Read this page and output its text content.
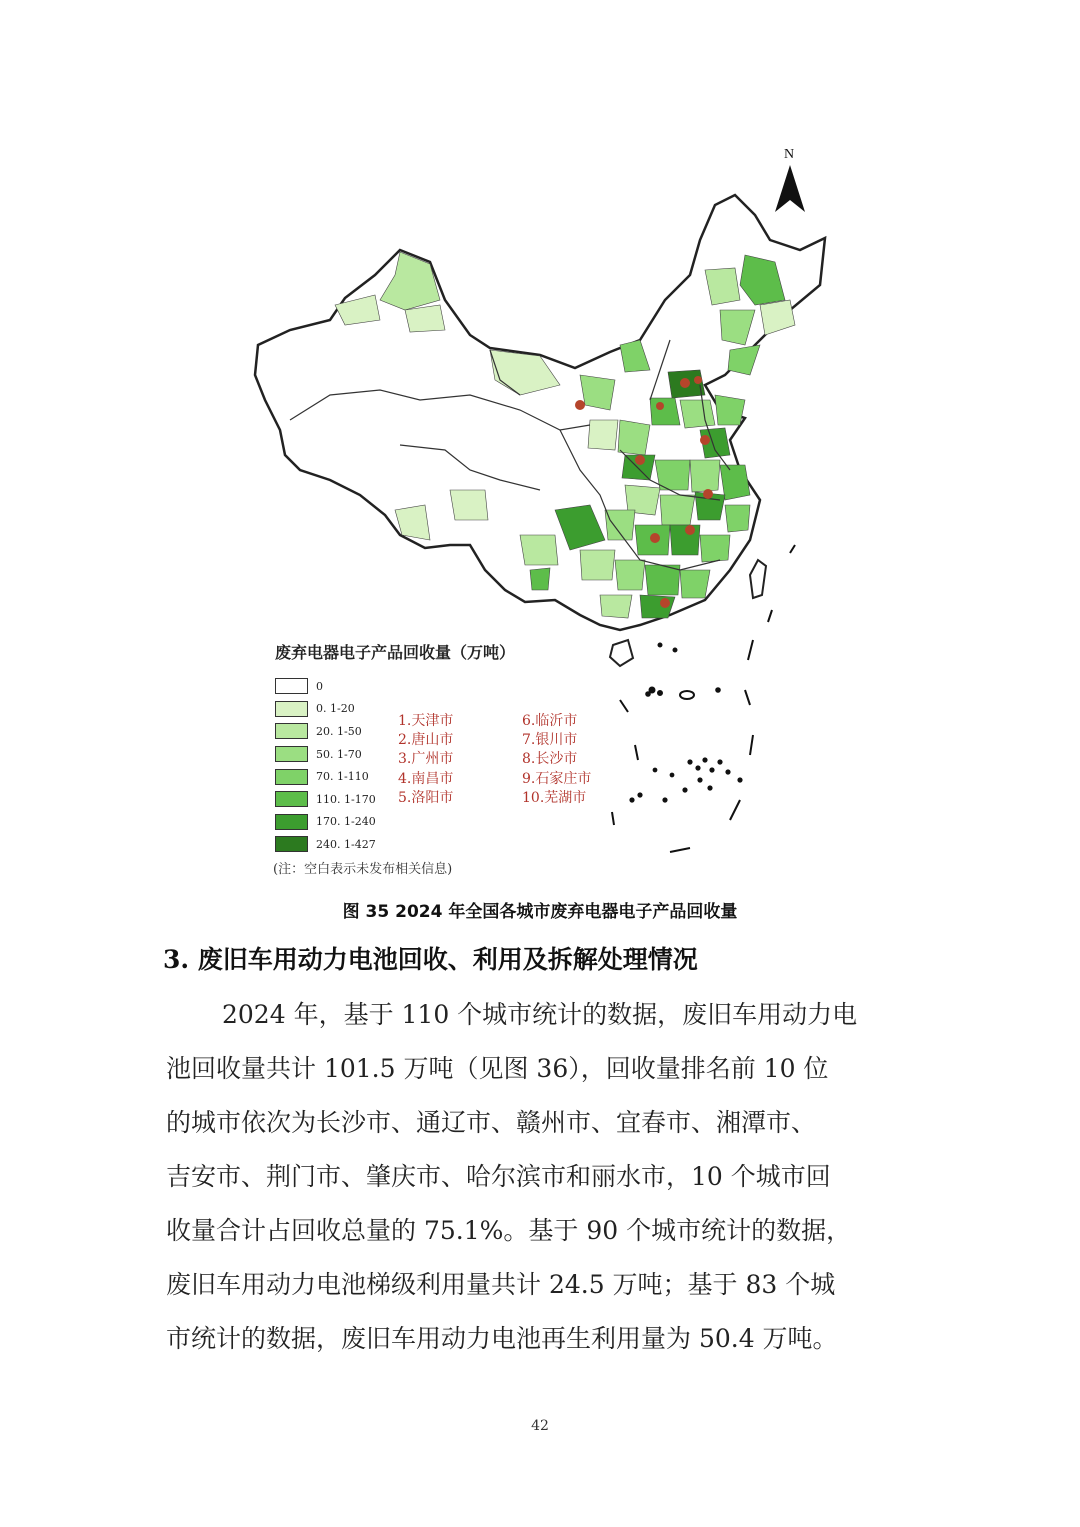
N
废弃电器电子产品回收量（万吨）
0
0. 1-20
20. 1-50
50. 1-70
70. 1-110
110. 1-170
170. 1-240
240. 1-427
1.天津市
2.唐山市
3.广州市
4.南昌市
5.洛阳市
6.临沂市
7.银川市
8.长沙市
9.石家庄市
10.芜湖市
(注：空白表示未发布相关信息)
图 35 2024 年全国各城市废弃电器电子产品回收量
3. 废旧车用动力电池回收、利用及拆解处理情况
2024 年，基于 110 个城市统计的数据，废旧车用动力电
池回收量共计 101.5 万吨（见图 36），回收量排名前 10 位
的城市依次为长沙市、通辽市、赣州市、宜春市、湘潭市、
吉安市、荆门市、肇庆市、哈尔滨市和丽水市，10 个城市回
收量合计占回收总量的 75.1%。基于 90 个城市统计的数据，
废旧车用动力电池梯级利用量共计 24.5 万吨；基于 83 个城
市统计的数据，废旧车用动力电池再生利用量为 50.4 万吨。
42
